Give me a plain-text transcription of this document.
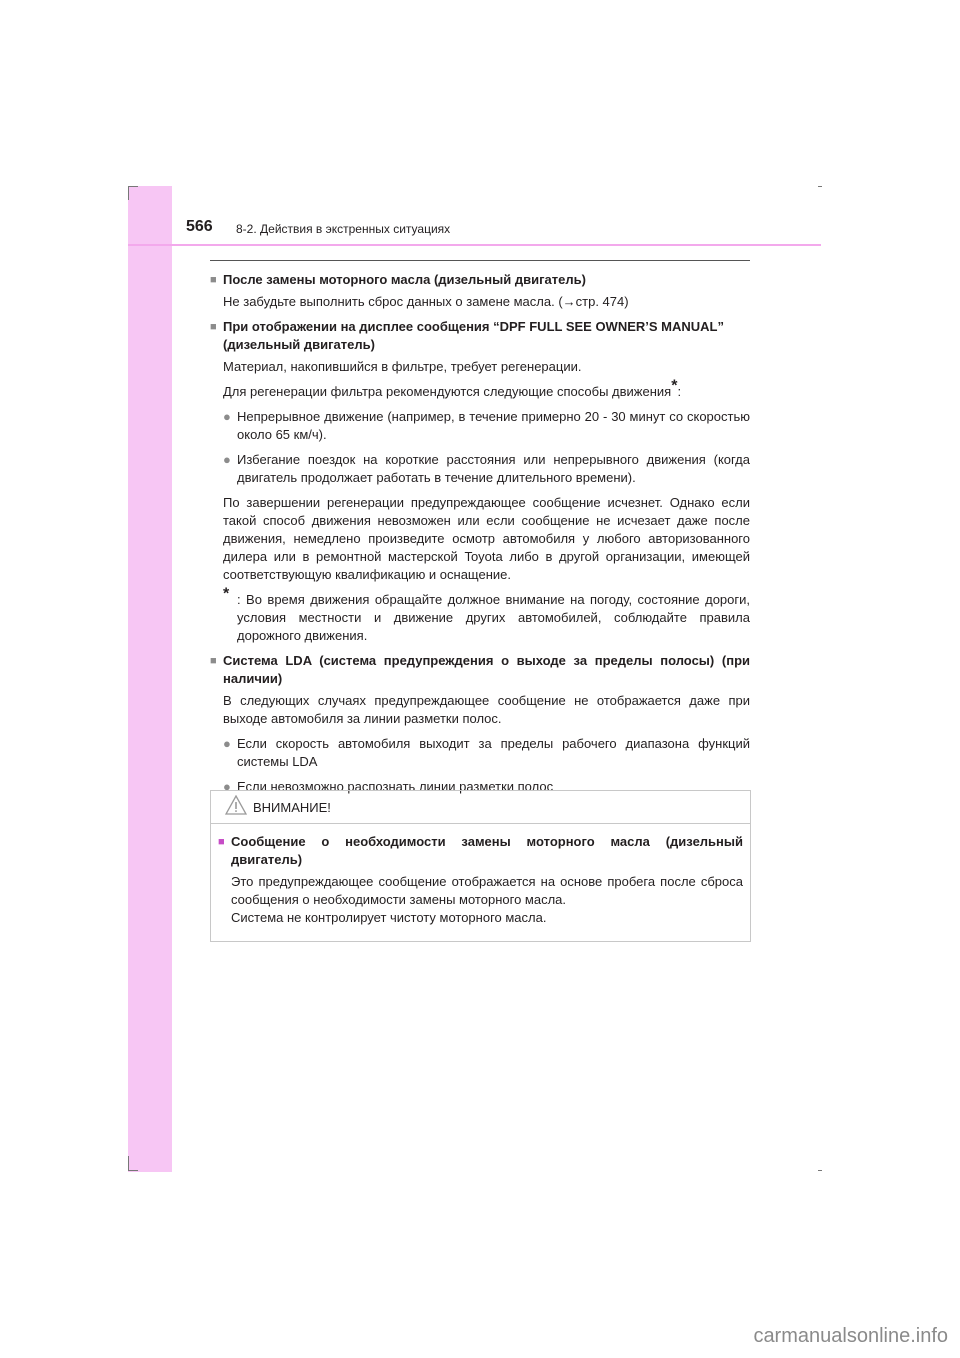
566 8-2. Действия в экстренных ситуациях
■ После замены моторного масла (дизельный двигатель)
Не забудьте выполнить сброс данных о замене масла. (→стр. 474)
■ При отображении на дисплее сообщения “DPF FULL SEE OWNER’S MANUAL” (дизельный двигатель)
Материал, накопившийся в фильтре, требует регенерации.
Для регенерации фильтра рекомендуются следующие способы движения*:
● Непрерывное движение (например, в течение примерно 20 - 30 минут со скоростью около 65 км/ч).
● Избегание поездок на короткие расстояния или непрерывного движения (когда двигатель продолжает работать в течение длительного времени).
По завершении регенерации предупреждающее сообщение исчезнет. Однако если такой способ движения невозможен или если сообщение не исчезает даже после движения, немедлено произведите осмотр автомобиля у любого авторизованного дилера или в ремонтной мастерской Toyota либо в другой организации, имеющей соответствующую квалификацию и оснащение.
* : Во время движения обращайте должное внимание на погоду, состояние дороги, условия местности и движение других автомобилей, соблюдайте правила дорожного движения.
■ Система LDA (система предупреждения о выходе за пределы полосы) (при наличии)
В следующих случаях предупреждающее сообщение не отображается даже при выходе автомобиля за линии разметки полос.
● Если скорость автомобиля выходит за пределы рабочего диапазона функций системы LDA
● Если невозможно распознать линии разметки полос
ВНИМАНИЕ!
■ Сообщение о необходимости замены моторного масла (дизельный двигатель)
Это предупреждающее сообщение отображается на основе пробега после сброса сообщения о необходимости замены моторного масла.
Система не контролирует чистоту моторного масла.
carmanualsonline.info
